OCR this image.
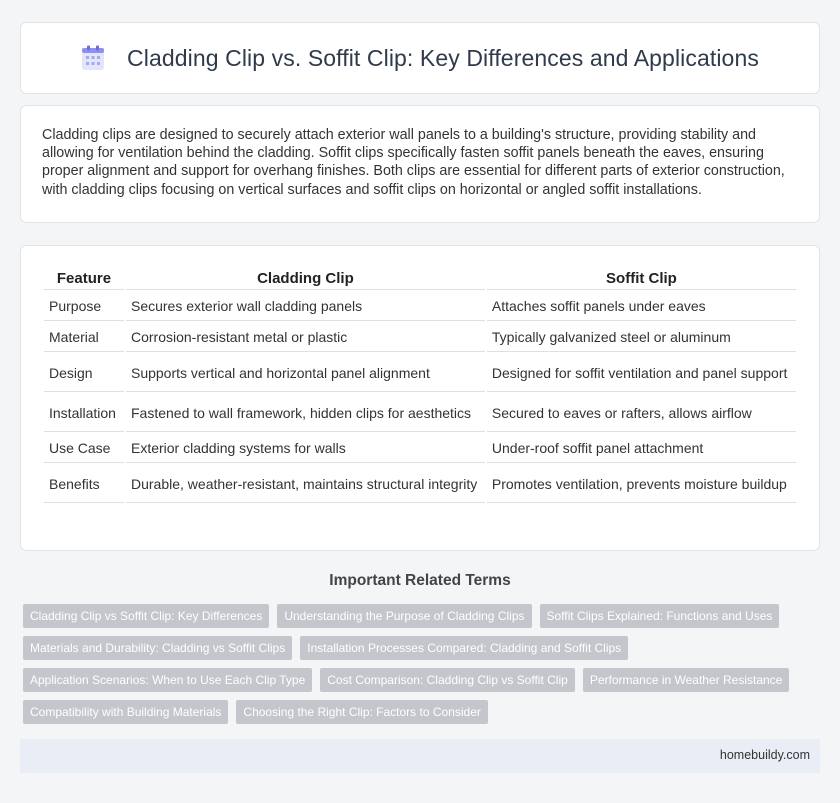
Cladding Clip vs. Soffit Clip: Key Differences and Applications

Cladding clips are designed to securely attach exterior wall panels to a building's structure, providing stability and allowing for ventilation behind the cladding. Soffit clips specifically fasten soffit panels beneath the eaves, ensuring proper alignment and support for overhang finishes. Both clips are essential for different parts of exterior construction, with cladding clips focusing on vertical surfaces and soffit clips on horizontal or angled soffit installations.

Feature	Cladding Clip	Soffit Clip
Purpose	Secures exterior wall cladding panels	Attaches soffit panels under eaves
Material	Corrosion-resistant metal or plastic	Typically galvanized steel or aluminum
Design	Supports vertical and horizontal panel alignment	Designed for soffit ventilation and panel support
Installation	Fastened to wall framework, hidden clips for aesthetics	Secured to eaves or rafters, allows airflow
Use Case	Exterior cladding systems for walls	Under-roof soffit panel attachment
Benefits	Durable, weather-resistant, maintains structural integrity	Promotes ventilation, prevents moisture buildup
Important Related Terms
Cladding Clip vs Soffit Clip: Key Differences	Understanding the Purpose of Cladding Clips	Soffit Clips Explained: Functions and Uses
Materials and Durability: Cladding vs Soffit Clips	Installation Processes Compared: Cladding and Soffit Clips
Application Scenarios: When to Use Each Clip Type	Cost Comparison: Cladding Clip vs Soffit Clip	Performance in Weather Resistance
Compatibility with Building Materials	Choosing the Right Clip: Factors to Consider
homebuildy.com
